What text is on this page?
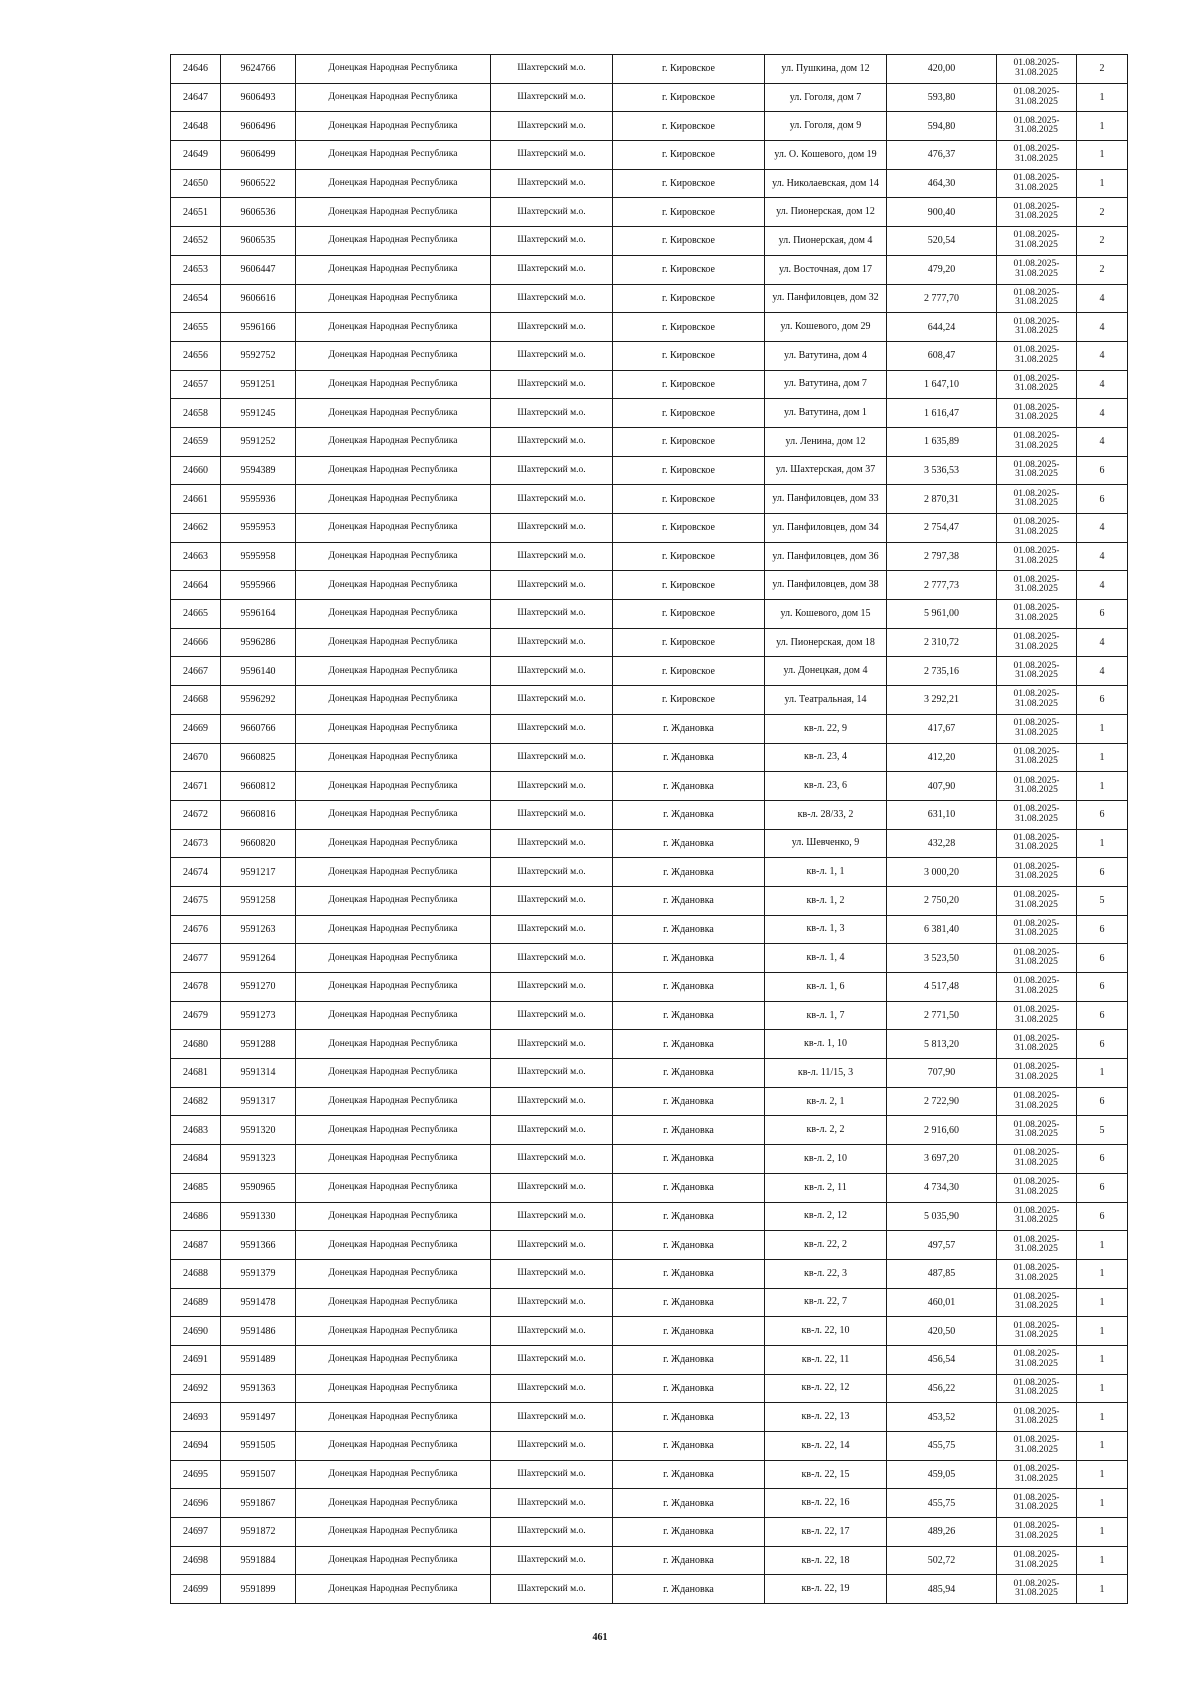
24646	9624766	Донецкая Народная Республика	Шахтерский м.о.	г. Кировское	ул. Пушкина, дом 12	420,00	01.08.2025-31.08.2025	2
24647	9606493	Донецкая Народная Республика	Шахтерский м.о.	г. Кировское	ул. Гоголя, дом 7	593,80	01.08.2025-31.08.2025	1
24648	9606496	Донецкая Народная Республика	Шахтерский м.о.	г. Кировское	ул. Гоголя, дом 9	594,80	01.08.2025-31.08.2025	1
24649	9606499	Донецкая Народная Республика	Шахтерский м.о.	г. Кировское	ул. О. Кошевого, дом 19	476,37	01.08.2025-31.08.2025	1
24650	9606522	Донецкая Народная Республика	Шахтерский м.о.	г. Кировское	ул. Николаевская, дом 14	464,30	01.08.2025-31.08.2025	1
24651	9606536	Донецкая Народная Республика	Шахтерский м.о.	г. Кировское	ул. Пионерская, дом 12	900,40	01.08.2025-31.08.2025	2
24652	9606535	Донецкая Народная Республика	Шахтерский м.о.	г. Кировское	ул. Пионерская, дом 4	520,54	01.08.2025-31.08.2025	2
24653	9606447	Донецкая Народная Республика	Шахтерский м.о.	г. Кировское	ул. Восточная, дом 17	479,20	01.08.2025-31.08.2025	2
24654	9606616	Донецкая Народная Республика	Шахтерский м.о.	г. Кировское	ул. Панфиловцев, дом 32	2 777,70	01.08.2025-31.08.2025	4
24655	9596166	Донецкая Народная Республика	Шахтерский м.о.	г. Кировское	ул. Кошевого, дом 29	644,24	01.08.2025-31.08.2025	4
24656	9592752	Донецкая Народная Республика	Шахтерский м.о.	г. Кировское	ул. Ватутина, дом 4	608,47	01.08.2025-31.08.2025	4
24657	9591251	Донецкая Народная Республика	Шахтерский м.о.	г. Кировское	ул. Ватутина, дом 7	1 647,10	01.08.2025-31.08.2025	4
24658	9591245	Донецкая Народная Республика	Шахтерский м.о.	г. Кировское	ул. Ватутина, дом 1	1 616,47	01.08.2025-31.08.2025	4
24659	9591252	Донецкая Народная Республика	Шахтерский м.о.	г. Кировское	ул. Ленина, дом 12	1 635,89	01.08.2025-31.08.2025	4
24660	9594389	Донецкая Народная Республика	Шахтерский м.о.	г. Кировское	ул. Шахтерская, дом 37	3 536,53	01.08.2025-31.08.2025	6
24661	9595936	Донецкая Народная Республика	Шахтерский м.о.	г. Кировское	ул. Панфиловцев, дом 33	2 870,31	01.08.2025-31.08.2025	6
24662	9595953	Донецкая Народная Республика	Шахтерский м.о.	г. Кировское	ул. Панфиловцев, дом 34	2 754,47	01.08.2025-31.08.2025	4
24663	9595958	Донецкая Народная Республика	Шахтерский м.о.	г. Кировское	ул. Панфиловцев, дом 36	2 797,38	01.08.2025-31.08.2025	4
24664	9595966	Донецкая Народная Республика	Шахтерский м.о.	г. Кировское	ул. Панфиловцев, дом 38	2 777,73	01.08.2025-31.08.2025	4
24665	9596164	Донецкая Народная Республика	Шахтерский м.о.	г. Кировское	ул. Кошевого, дом 15	5 961,00	01.08.2025-31.08.2025	6
24666	9596286	Донецкая Народная Республика	Шахтерский м.о.	г. Кировское	ул. Пионерская, дом 18	2 310,72	01.08.2025-31.08.2025	4
24667	9596140	Донецкая Народная Республика	Шахтерский м.о.	г. Кировское	ул. Донецкая, дом 4	2 735,16	01.08.2025-31.08.2025	4
24668	9596292	Донецкая Народная Республика	Шахтерский м.о.	г. Кировское	ул. Театральная, 14	3 292,21	01.08.2025-31.08.2025	6
24669	9660766	Донецкая Народная Республика	Шахтерский м.о.	г. Ждановка	кв-л. 22, 9	417,67	01.08.2025-31.08.2025	1
24670	9660825	Донецкая Народная Республика	Шахтерский м.о.	г. Ждановка	кв-л. 23, 4	412,20	01.08.2025-31.08.2025	1
24671	9660812	Донецкая Народная Республика	Шахтерский м.о.	г. Ждановка	кв-л. 23, 6	407,90	01.08.2025-31.08.2025	1
24672	9660816	Донецкая Народная Республика	Шахтерский м.о.	г. Ждановка	кв-л. 28/33, 2	631,10	01.08.2025-31.08.2025	6
24673	9660820	Донецкая Народная Республика	Шахтерский м.о.	г. Ждановка	ул. Шевченко, 9	432,28	01.08.2025-31.08.2025	1
24674	9591217	Донецкая Народная Республика	Шахтерский м.о.	г. Ждановка	кв-л. 1, 1	3 000,20	01.08.2025-31.08.2025	6
24675	9591258	Донецкая Народная Республика	Шахтерский м.о.	г. Ждановка	кв-л. 1, 2	2 750,20	01.08.2025-31.08.2025	5
24676	9591263	Донецкая Народная Республика	Шахтерский м.о.	г. Ждановка	кв-л. 1, 3	6 381,40	01.08.2025-31.08.2025	6
24677	9591264	Донецкая Народная Республика	Шахтерский м.о.	г. Ждановка	кв-л. 1, 4	3 523,50	01.08.2025-31.08.2025	6
24678	9591270	Донецкая Народная Республика	Шахтерский м.о.	г. Ждановка	кв-л. 1, 6	4 517,48	01.08.2025-31.08.2025	6
24679	9591273	Донецкая Народная Республика	Шахтерский м.о.	г. Ждановка	кв-л. 1, 7	2 771,50	01.08.2025-31.08.2025	6
24680	9591288	Донецкая Народная Республика	Шахтерский м.о.	г. Ждановка	кв-л. 1, 10	5 813,20	01.08.2025-31.08.2025	6
24681	9591314	Донецкая Народная Республика	Шахтерский м.о.	г. Ждановка	кв-л. 11/15, 3	707,90	01.08.2025-31.08.2025	1
24682	9591317	Донецкая Народная Республика	Шахтерский м.о.	г. Ждановка	кв-л. 2, 1	2 722,90	01.08.2025-31.08.2025	6
24683	9591320	Донецкая Народная Республика	Шахтерский м.о.	г. Ждановка	кв-л. 2, 2	2 916,60	01.08.2025-31.08.2025	5
24684	9591323	Донецкая Народная Республика	Шахтерский м.о.	г. Ждановка	кв-л. 2, 10	3 697,20	01.08.2025-31.08.2025	6
24685	9590965	Донецкая Народная Республика	Шахтерский м.о.	г. Ждановка	кв-л. 2, 11	4 734,30	01.08.2025-31.08.2025	6
24686	9591330	Донецкая Народная Республика	Шахтерский м.о.	г. Ждановка	кв-л. 2, 12	5 035,90	01.08.2025-31.08.2025	6
24687	9591366	Донецкая Народная Республика	Шахтерский м.о.	г. Ждановка	кв-л. 22, 2	497,57	01.08.2025-31.08.2025	1
24688	9591379	Донецкая Народная Республика	Шахтерский м.о.	г. Ждановка	кв-л. 22, 3	487,85	01.08.2025-31.08.2025	1
24689	9591478	Донецкая Народная Республика	Шахтерский м.о.	г. Ждановка	кв-л. 22, 7	460,01	01.08.2025-31.08.2025	1
24690	9591486	Донецкая Народная Республика	Шахтерский м.о.	г. Ждановка	кв-л. 22, 10	420,50	01.08.2025-31.08.2025	1
24691	9591489	Донецкая Народная Республика	Шахтерский м.о.	г. Ждановка	кв-л. 22, 11	456,54	01.08.2025-31.08.2025	1
24692	9591363	Донецкая Народная Республика	Шахтерский м.о.	г. Ждановка	кв-л. 22, 12	456,22	01.08.2025-31.08.2025	1
24693	9591497	Донецкая Народная Республика	Шахтерский м.о.	г. Ждановка	кв-л. 22, 13	453,52	01.08.2025-31.08.2025	1
24694	9591505	Донецкая Народная Республика	Шахтерский м.о.	г. Ждановка	кв-л. 22, 14	455,75	01.08.2025-31.08.2025	1
24695	9591507	Донецкая Народная Республика	Шахтерский м.о.	г. Ждановка	кв-л. 22, 15	459,05	01.08.2025-31.08.2025	1
24696	9591867	Донецкая Народная Республика	Шахтерский м.о.	г. Ждановка	кв-л. 22, 16	455,75	01.08.2025-31.08.2025	1
24697	9591872	Донецкая Народная Республика	Шахтерский м.о.	г. Ждановка	кв-л. 22, 17	489,26	01.08.2025-31.08.2025	1
24698	9591884	Донецкая Народная Республика	Шахтерский м.о.	г. Ждановка	кв-л. 22, 18	502,72	01.08.2025-31.08.2025	1
24699	9591899	Донецкая Народная Республика	Шахтерский м.о.	г. Ждановка	кв-л. 22, 19	485,94	01.08.2025-31.08.2025	1
461
